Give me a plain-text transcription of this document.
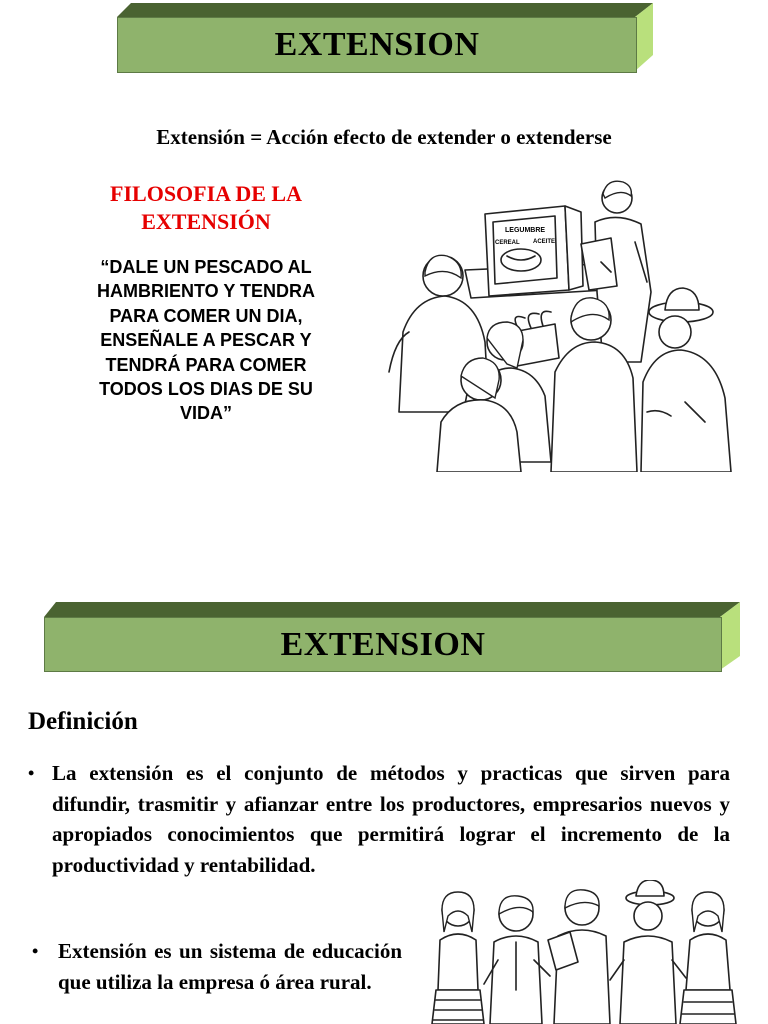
EXTENSION
Extensión = Acción efecto de extender o extenderse
FILOSOFIA DE LA
EXTENSIÓN
“DALE UN PESCADO AL
HAMBRIENTO Y TENDRA
PARA COMER UN DIA,
ENSEÑALE A PESCAR Y
TENDRÁ PARA COMER
TODOS LOS DIAS DE SU
VIDA”
LEGUMBRE
CEREAL ACEITE
EXTENSION
Definición
• La extensión es el conjunto de métodos y practicas que sirven para difundir, trasmitir y afianzar entre los productores, empresarios nuevos y apropiados conocimientos que permitirá lograr el incremento de la productividad y rentabilidad.
• Extensión es un sistema de educación que utiliza la empresa ó área rural.
